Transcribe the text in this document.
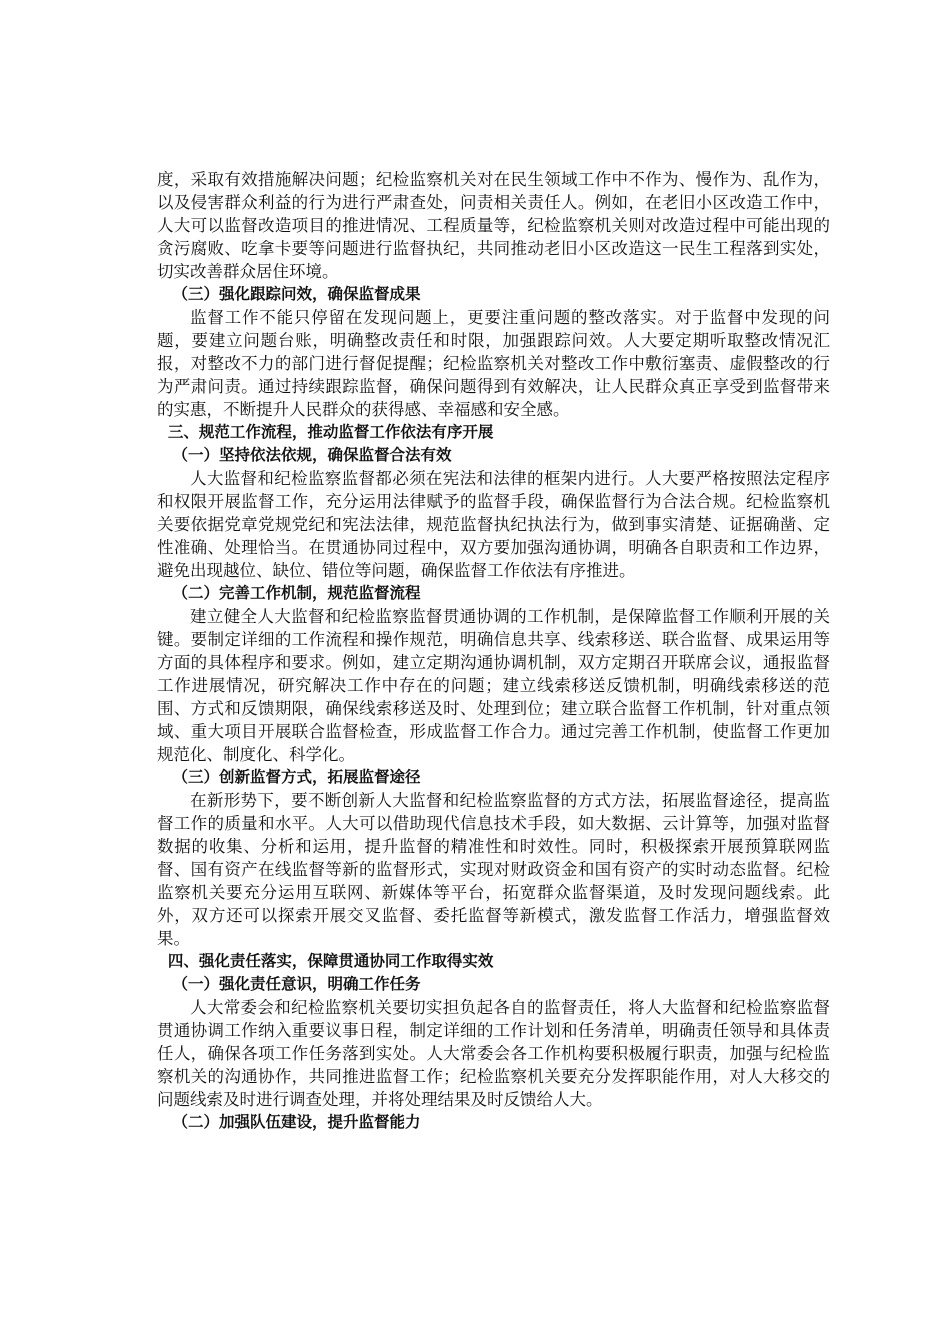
度，采取有效措施解决问题；纪检监察机关对在民生领域工作中不作为、慢作为、乱作为，以及侵害群众利益的行为进行严肃查处，问责相关责任人。例如，在老旧小区改造工作中，人大可以监督改造项目的推进情况、工程质量等，纪检监察机关则对改造过程中可能出现的贪污腐败、吃拿卡要等问题进行监督执纪，共同推动老旧小区改造这一民生工程落到实处，切实改善群众居住环境。

（三）强化跟踪问效，确保监督成果

监督工作不能只停留在发现问题上，更要注重问题的整改落实。对于监督中发现的问题，要建立问题台账，明确整改责任和时限，加强跟踪问效。人大要定期听取整改情况汇报，对整改不力的部门进行督促提醒；纪检监察机关对整改工作中敷衍塞责、虚假整改的行为严肃问责。通过持续跟踪监督，确保问题得到有效解决，让人民群众真正享受到监督带来的实惠，不断提升人民群众的获得感、幸福感和安全感。

三、规范工作流程，推动监督工作依法有序开展

（一）坚持依法依规，确保监督合法有效

人大监督和纪检监察监督都必须在宪法和法律的框架内进行。人大要严格按照法定程序和权限开展监督工作，充分运用法律赋予的监督手段，确保监督行为合法合规。纪检监察机关要依据党章党规党纪和宪法法律，规范监督执纪执法行为，做到事实清楚、证据确凿、定性准确、处理恰当。在贯通协同过程中，双方要加强沟通协调，明确各自职责和工作边界，避免出现越位、缺位、错位等问题，确保监督工作依法有序推进。

（二）完善工作机制，规范监督流程

建立健全人大监督和纪检监察监督贯通协调的工作机制，是保障监督工作顺利开展的关键。要制定详细的工作流程和操作规范，明确信息共享、线索移送、联合监督、成果运用等方面的具体程序和要求。例如，建立定期沟通协调机制，双方定期召开联席会议，通报监督工作进展情况，研究解决工作中存在的问题；建立线索移送反馈机制，明确线索移送的范围、方式和反馈期限，确保线索移送及时、处理到位；建立联合监督工作机制，针对重点领域、重大项目开展联合监督检查，形成监督工作合力。通过完善工作机制，使监督工作更加规范化、制度化、科学化。

（三）创新监督方式，拓展监督途径

在新形势下，要不断创新人大监督和纪检监察监督的方式方法，拓展监督途径，提高监督工作的质量和水平。人大可以借助现代信息技术手段，如大数据、云计算等，加强对监督数据的收集、分析和运用，提升监督的精准性和时效性。同时，积极探索开展预算联网监督、国有资产在线监督等新的监督形式，实现对财政资金和国有资产的实时动态监督。纪检监察机关要充分运用互联网、新媒体等平台，拓宽群众监督渠道，及时发现问题线索。此外，双方还可以探索开展交叉监督、委托监督等新模式，激发监督工作活力，增强监督效果。

四、强化责任落实，保障贯通协同工作取得实效

（一）强化责任意识，明确工作任务

人大常委会和纪检监察机关要切实担负起各自的监督责任，将人大监督和纪检监察监督贯通协调工作纳入重要议事日程，制定详细的工作计划和任务清单，明确责任领导和具体责任人，确保各项工作任务落到实处。人大常委会各工作机构要积极履行职责，加强与纪检监察机关的沟通协作，共同推进监督工作；纪检监察机关要充分发挥职能作用，对人大移交的问题线索及时进行调查处理，并将处理结果及时反馈给人大。

（二）加强队伍建设，提升监督能力
